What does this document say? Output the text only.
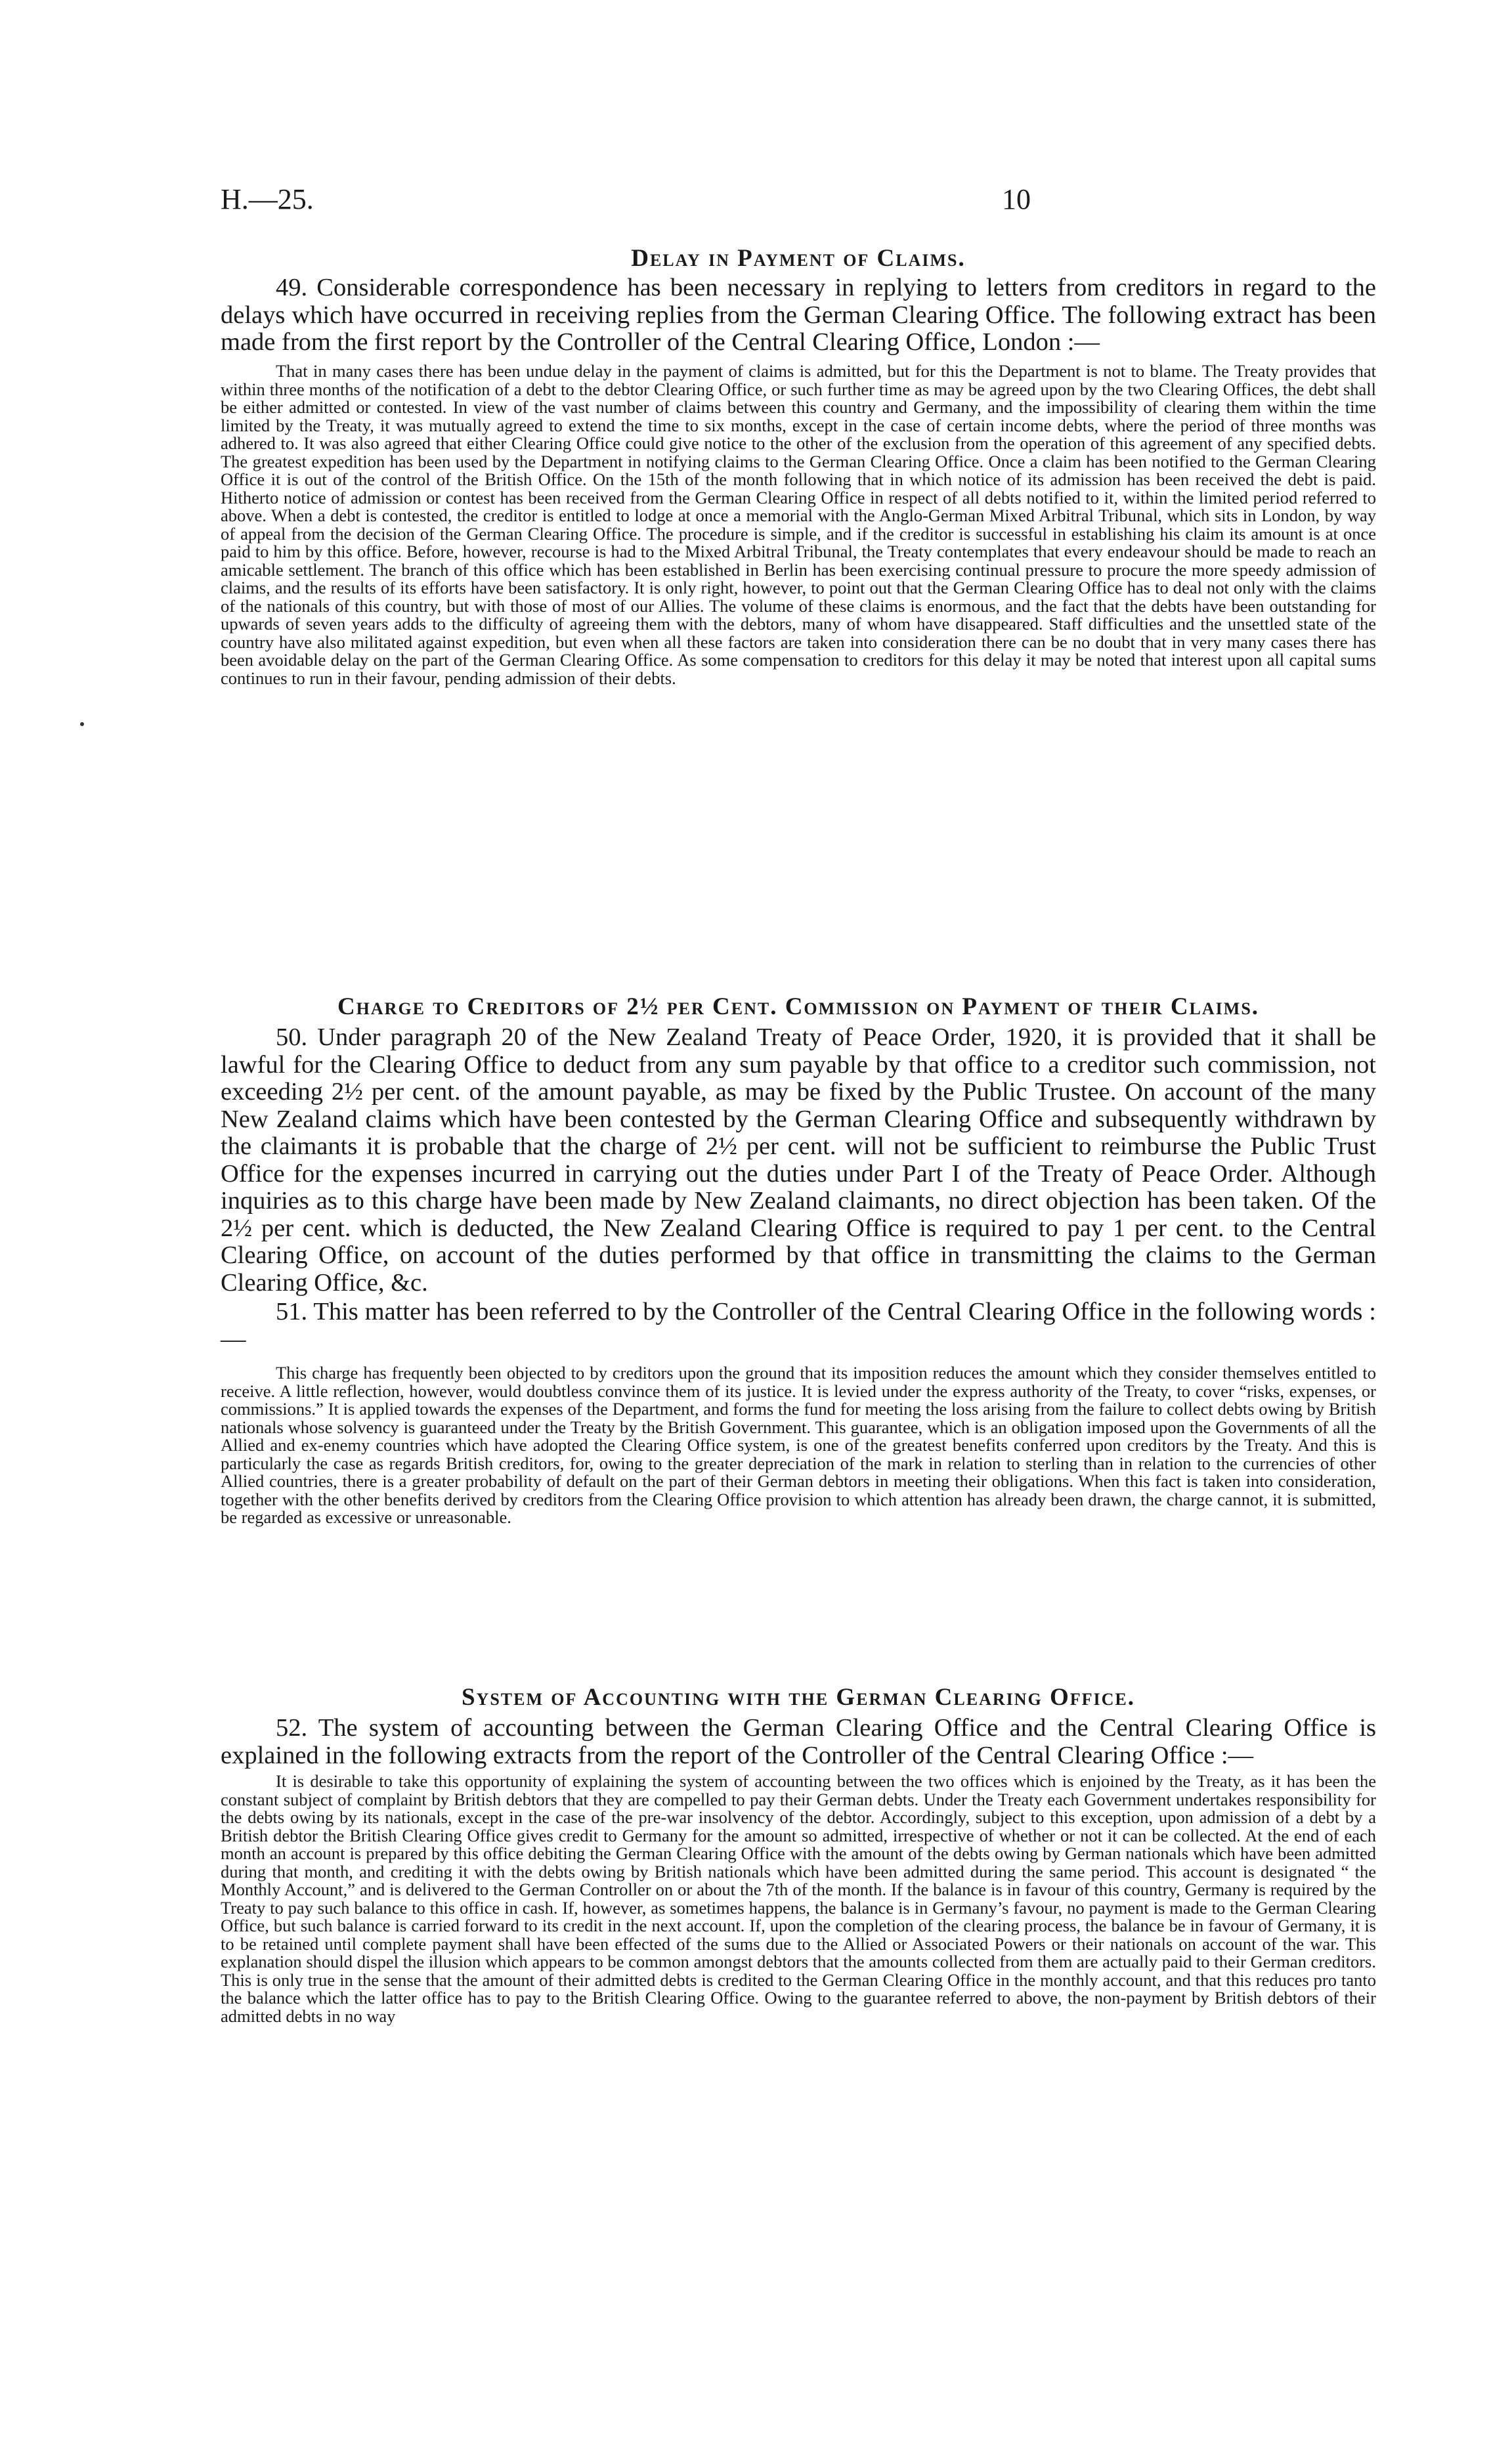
H.—25.	10
Delay in Payment of Claims.

49. Considerable correspondence has been necessary in replying to letters from creditors in regard to the delays which have occurred in receiving replies from the German Clearing Office. The following extract has been made from the first report by the Controller of the Central Clearing Office, London :—

That in many cases there has been undue delay in the payment of claims is admitted, but for this the Department is not to blame. The Treaty provides that within three months of the notification of a debt to the debtor Clearing Office, or such further time as may be agreed upon by the two Clearing Offices, the debt shall be either admitted or contested. In view of the vast number of claims between this country and Germany, and the impossibility of clearing them within the time limited by the Treaty, it was mutually agreed to extend the time to six months, except in the case of certain income debts, where the period of three months was adhered to. It was also agreed that either Clearing Office could give notice to the other of the exclusion from the operation of this agreement of any specified debts. The greatest expedition has been used by the Department in notifying claims to the German Clearing Office. Once a claim has been notified to the German Clearing Office it is out of the control of the British Office. On the 15th of the month following that in which notice of its admission has been received the debt is paid. Hitherto notice of admission or contest has been received from the German Clearing Office in respect of all debts notified to it, within the limited period referred to above. When a debt is contested, the creditor is entitled to lodge at once a memorial with the Anglo-German Mixed Arbitral Tribunal, which sits in London, by way of appeal from the decision of the German Clearing Office. The procedure is simple, and if the creditor is successful in establishing his claim its amount is at once paid to him by this office. Before, however, recourse is had to the Mixed Arbitral Tribunal, the Treaty contemplates that every endeavour should be made to reach an amicable settlement. The branch of this office which has been established in Berlin has been exercising continual pressure to procure the more speedy admission of claims, and the results of its efforts have been satisfactory. It is only right, however, to point out that the German Clearing Office has to deal not only with the claims of the nationals of this country, but with those of most of our Allies. The volume of these claims is enormous, and the fact that the debts have been outstanding for upwards of seven years adds to the difficulty of agreeing them with the debtors, many of whom have disappeared. Staff difficulties and the unsettled state of the country have also militated against expedition, but even when all these factors are taken into consideration there can be no doubt that in very many cases there has been avoidable delay on the part of the German Clearing Office. As some compensation to creditors for this delay it may be noted that interest upon all capital sums continues to run in their favour, pending admission of their debts.

Charge to Creditors of 2½ per Cent. Commission on Payment of their Claims.

50. Under paragraph 20 of the New Zealand Treaty of Peace Order, 1920, it is provided that it shall be lawful for the Clearing Office to deduct from any sum payable by that office to a creditor such commission, not exceeding 2½ per cent. of the amount payable, as may be fixed by the Public Trustee. On account of the many New Zealand claims which have been contested by the German Clearing Office and subsequently withdrawn by the claimants it is probable that the charge of 2½ per cent. will not be sufficient to reimburse the Public Trust Office for the expenses incurred in carrying out the duties under Part I of the Treaty of Peace Order. Although inquiries as to this charge have been made by New Zealand claimants, no direct objection has been taken. Of the 2½ per cent. which is deducted, the New Zealand Clearing Office is required to pay 1 per cent. to the Central Clearing Office, on account of the duties performed by that office in transmitting the claims to the German Clearing Office, &c.

51. This matter has been referred to by the Controller of the Central Clearing Office in the following words :—

This charge has frequently been objected to by creditors upon the ground that its imposition reduces the amount which they consider themselves entitled to receive. A little reflection, however, would doubtless convince them of its justice. It is levied under the express authority of the Treaty, to cover “risks, expenses, or commissions.” It is applied towards the expenses of the Department, and forms the fund for meeting the loss arising from the failure to collect debts owing by British nationals whose solvency is guaranteed under the Treaty by the British Government. This guarantee, which is an obligation imposed upon the Governments of all the Allied and ex-enemy countries which have adopted the Clearing Office system, is one of the greatest benefits conferred upon creditors by the Treaty. And this is particularly the case as regards British creditors, for, owing to the greater depreciation of the mark in relation to sterling than in relation to the currencies of other Allied countries, there is a greater probability of default on the part of their German debtors in meeting their obligations. When this fact is taken into consideration, together with the other benefits derived by creditors from the Clearing Office provision to which attention has already been drawn, the charge cannot, it is submitted, be regarded as excessive or unreasonable.

System of Accounting with the German Clearing Office.

52. The system of accounting between the German Clearing Office and the Central Clearing Office is explained in the following extracts from the report of the Controller of the Central Clearing Office :—

It is desirable to take this opportunity of explaining the system of accounting between the two offices which is enjoined by the Treaty, as it has been the constant subject of complaint by British debtors that they are compelled to pay their German debts. Under the Treaty each Government undertakes responsibility for the debts owing by its nationals, except in the case of the pre-war insolvency of the debtor. Accordingly, subject to this exception, upon admission of a debt by a British debtor the British Clearing Office gives credit to Germany for the amount so admitted, irrespective of whether or not it can be collected. At the end of each month an account is prepared by this office debiting the German Clearing Office with the amount of the debts owing by German nationals which have been admitted during that month, and crediting it with the debts owing by British nationals which have been admitted during the same period. This account is designated “ the Monthly Account,” and is delivered to the German Controller on or about the 7th of the month. If the balance is in favour of this country, Germany is required by the Treaty to pay such balance to this office in cash. If, however, as sometimes happens, the balance is in Germany’s favour, no payment is made to the German Clearing Office, but such balance is carried forward to its credit in the next account. If, upon the completion of the clearing process, the balance be in favour of Germany, it is to be retained until complete payment shall have been effected of the sums due to the Allied or Associated Powers or their nationals on account of the war. This explanation should dispel the illusion which appears to be common amongst debtors that the amounts collected from them are actually paid to their German creditors. This is only true in the sense that the amount of their admitted debts is credited to the German Clearing Office in the monthly account, and that this reduces pro tanto the balance which the latter office has to pay to the British Clearing Office. Owing to the guarantee referred to above, the non-payment by British debtors of their admitted debts in no way
